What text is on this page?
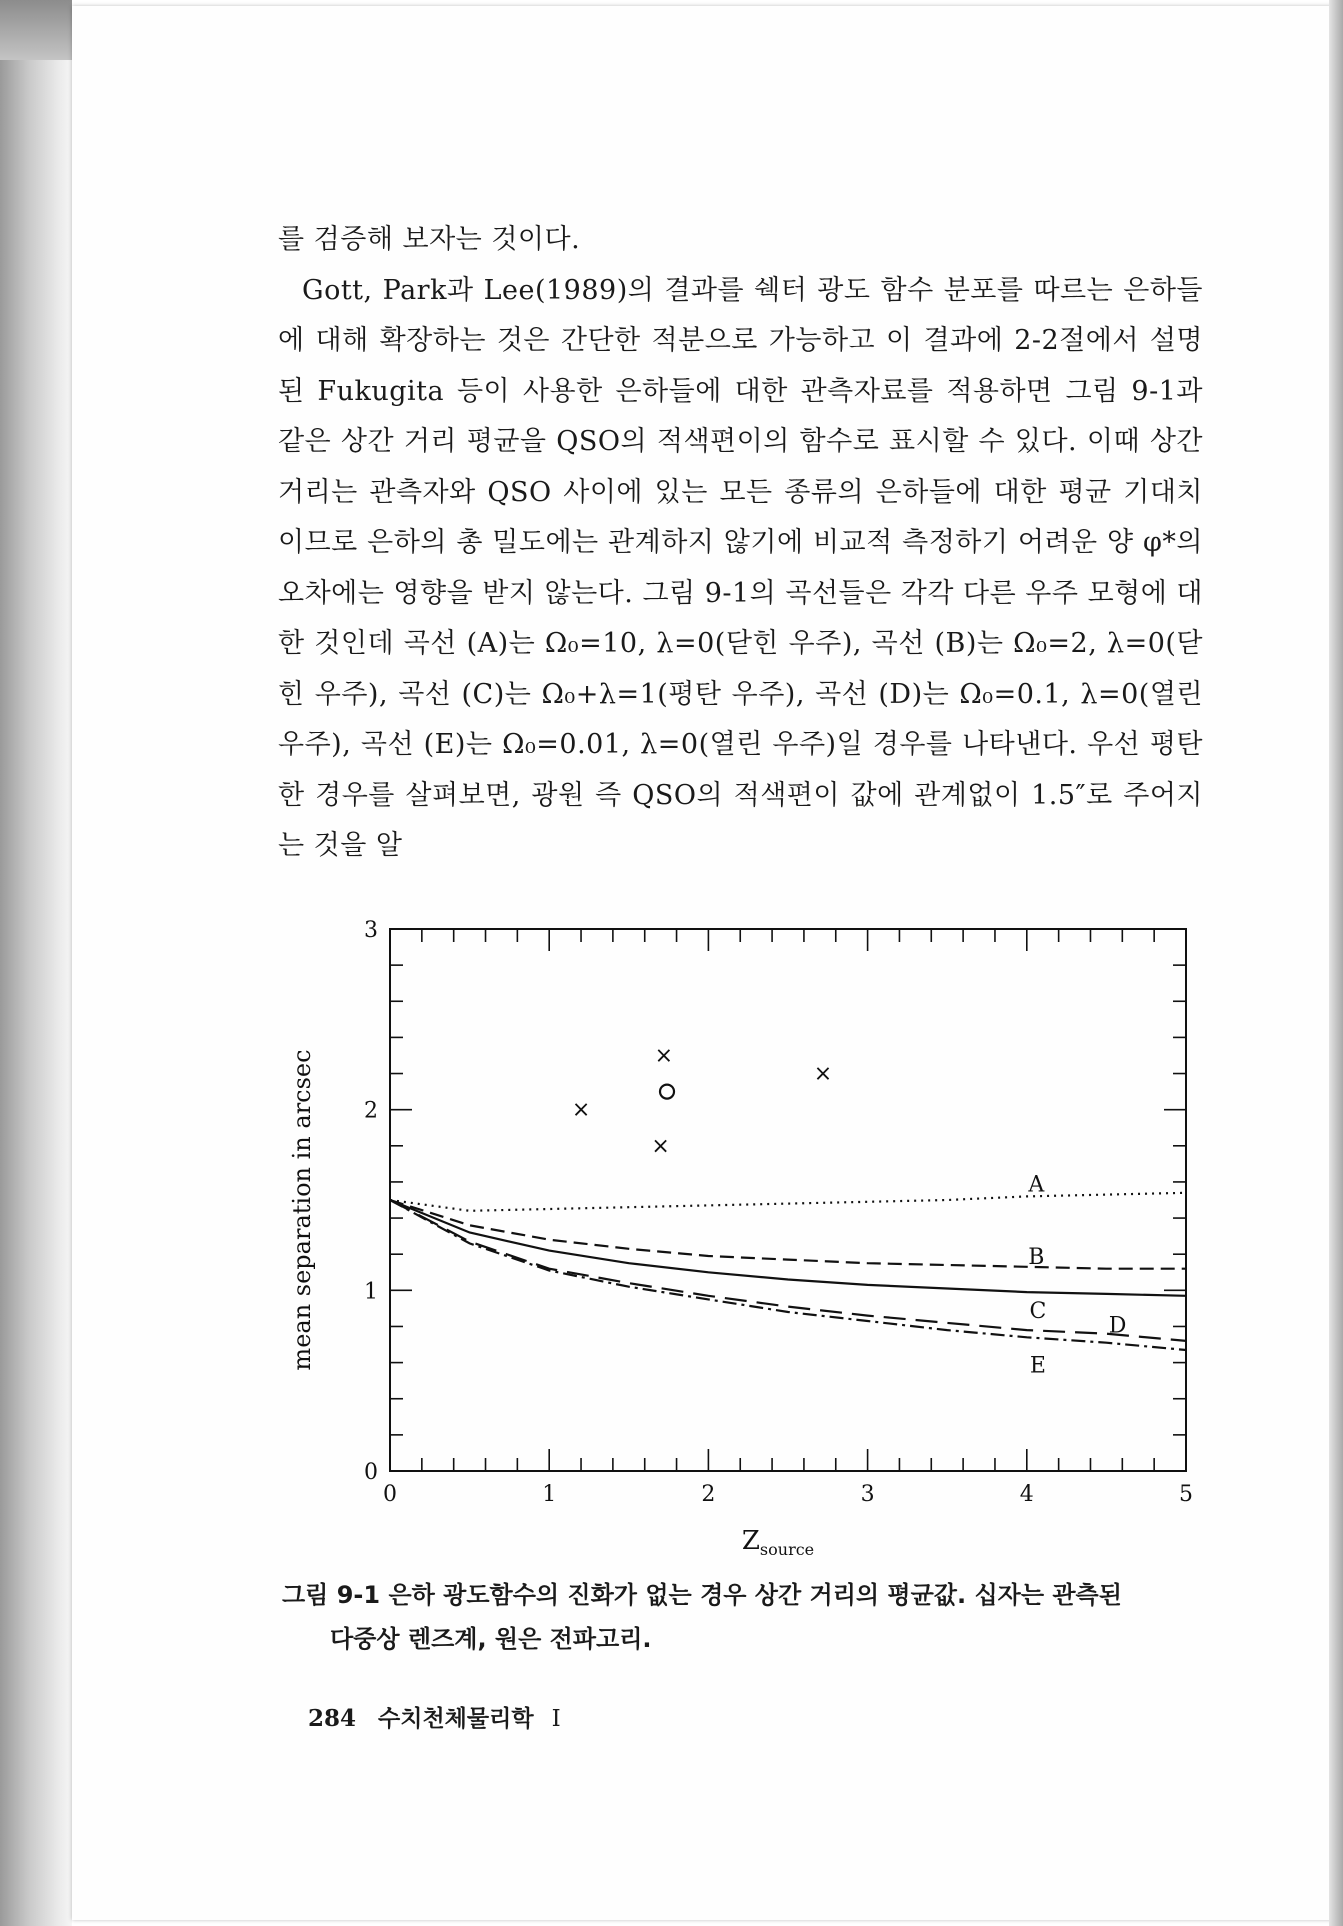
를 검증해 보자는 것이다.

Gott, Park과 Lee(1989)의 결과를 쉑터 광도 함수 분포를 따르는 은하들에 대해 확장하는 것은 간단한 적분으로 가능하고 이 결과에 2-2절에서 설명된 Fukugita 등이 사용한 은하들에 대한 관측자료를 적용하면 그림 9-1과 같은 상간 거리 평균을 QSO의 적색편이의 함수로 표시할 수 있다. 이때 상간 거리는 관측자와 QSO 사이에 있는 모든 종류의 은하들에 대한 평균 기대치이므로 은하의 총 밀도에는 관계하지 않기에 비교적 측정하기 어려운 양 φ*의 오차에는 영향을 받지 않는다. 그림 9-1의 곡선들은 각각 다른 우주 모형에 대한 것인데 곡선 (A)는 Ω₀=10, λ=0(닫힌 우주), 곡선 (B)는 Ω₀=2, λ=0(닫힌 우주), 곡선 (C)는 Ω₀+λ=1(평탄 우주), 곡선 (D)는 Ω₀=0.1, λ=0(열린 우주), 곡선 (E)는 Ω₀=0.01, λ=0(열린 우주)일 경우를 나타낸다. 우선 평탄한 경우를 살펴보면, 광원 즉 QSO의 적색편이 값에 관계없이 1.5″로 주어지는 것을 알

0	1	2	3	4	5
0
1
2
3
$Z_{source}$
mean separation in arcsec	×
×
×
×
A
B
C
D
E
그림 9-1 은하 광도함수의 진화가 없는 경우 상간 거리의 평균값. 십자는 관측된
다중상 렌즈계, 원은 전파고리.
284 수치천체물리학 I
